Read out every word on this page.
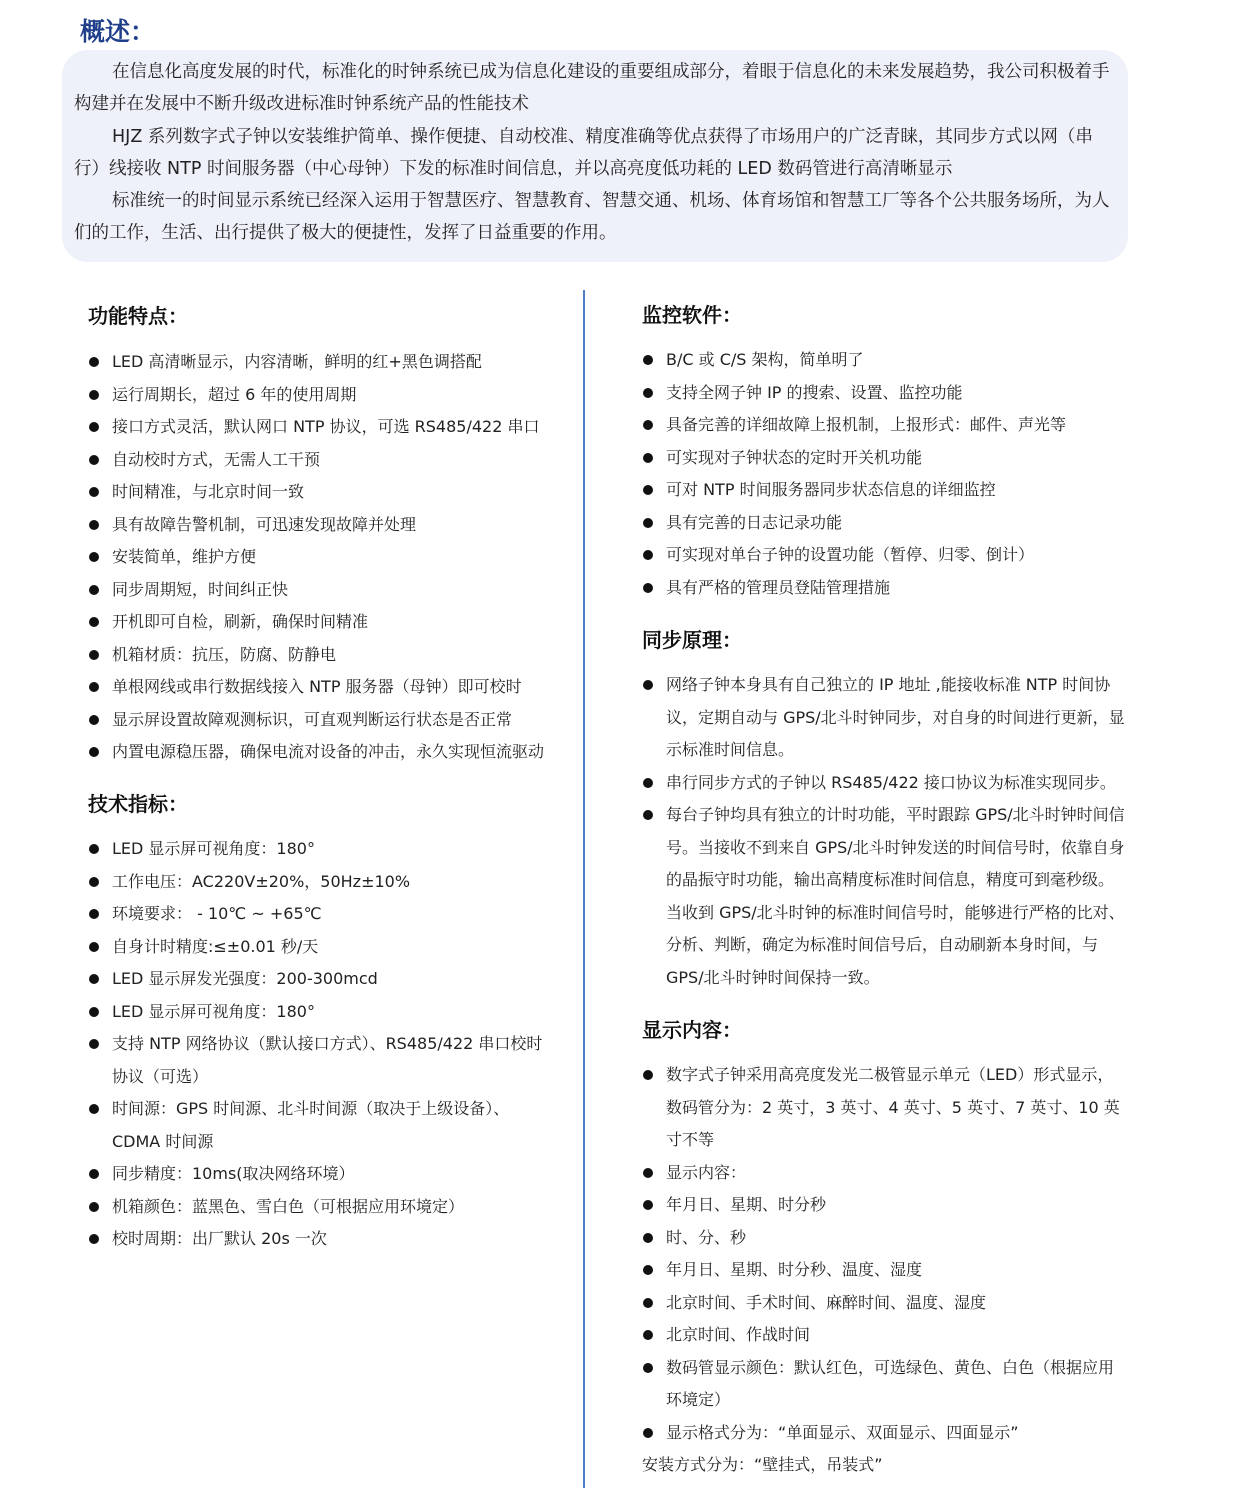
概述：

在信息化高度发展的时代，标准化的时钟系统已成为信息化建设的重要组成部分，着眼于信息化的未来发展趋势，我公司积极着手构建并在发展中不断升级改进标准时钟系统产品的性能技术

HJZ 系列数字式子钟以安装维护简单、操作便捷、自动校准、精度准确等优点获得了市场用户的广泛青睐，其同步方式以网（串行）线接收 NTP 时间服务器（中心母钟）下发的标准时间信息，并以高亮度低功耗的 LED 数码管进行高清晰显示

标准统一的时间显示系统已经深入运用于智慧医疗、智慧教育、智慧交通、机场、体育场馆和智慧工厂等各个公共服务场所，为人们的工作，生活、出行提供了极大的便捷性，发挥了日益重要的作用。

功能特点：
LED 高清晰显示，内容清晰，鲜明的红+黑色调搭配
运行周期长，超过 6 年的使用周期
接口方式灵活，默认网口 NTP 协议，可选 RS485/422 串口
自动校时方式，无需人工干预
时间精准，与北京时间一致
具有故障告警机制，可迅速发现故障并处理
安装简单，维护方便
同步周期短，时间纠正快
开机即可自检，刷新，确保时间精准
机箱材质：抗压，防腐、防静电
单根网线或串行数据线接入 NTP 服务器（母钟）即可校时
显示屏设置故障观测标识，可直观判断运行状态是否正常
内置电源稳压器，确保电流对设备的冲击，永久实现恒流驱动
技术指标：
LED 显示屏可视角度：180°
工作电压：AC220V±20%，50Hz±10%
环境要求： - 10℃ ~ +65℃
自身计时精度:≤±0.01 秒/天
LED 显示屏发光强度：200-300mcd
LED 显示屏可视角度：180°
支持 NTP 网络协议（默认接口方式）、RS485/422 串口校时协议（可选）
时间源：GPS 时间源、北斗时间源（取决于上级设备）、CDMA 时间源
同步精度：10ms(取决网络环境）
机箱颜色：蓝黑色、雪白色（可根据应用环境定）
校时周期：出厂默认 20s 一次
监控软件：
B/C 或 C/S 架构，简单明了
支持全网子钟 IP 的搜索、设置、监控功能
具备完善的详细故障上报机制，上报形式：邮件、声光等
可实现对子钟状态的定时开关机功能
可对 NTP 时间服务器同步状态信息的详细监控
具有完善的日志记录功能
可实现对单台子钟的设置功能（暂停、归零、倒计）
具有严格的管理员登陆管理措施
同步原理：
网络子钟本身具有自己独立的 IP 地址 ,能接收标准 NTP 时间协议，定期自动与 GPS/北斗时钟同步，对自身的时间进行更新，显示标准时间信息。
串行同步方式的子钟以 RS485/422 接口协议为标准实现同步。
每台子钟均具有独立的计时功能，平时跟踪 GPS/北斗时钟时间信号。当接收不到来自 GPS/北斗时钟发送的时间信号时，依靠自身的晶振守时功能，输出高精度标准时间信息，精度可到毫秒级。当收到 GPS/北斗时钟的标准时间信号时，能够进行严格的比对、分析、判断，确定为标准时间信号后，自动刷新本身时间，与 GPS/北斗时钟时间保持一致。
显示内容：
数字式子钟采用高亮度发光二极管显示单元（LED）形式显示，数码管分为：2 英寸，3 英寸、4 英寸、5 英寸、7 英寸、10 英寸不等
显示内容：
年月日、星期、时分秒
时、分、秒
年月日、星期、时分秒、温度、湿度
北京时间、手术时间、麻醉时间、温度、湿度
北京时间、作战时间
数码管显示颜色：默认红色，可选绿色、黄色、白色（根据应用环境定）
显示格式分为：“单面显示、双面显示、四面显示”

安装方式分为：“壁挂式，吊装式”
